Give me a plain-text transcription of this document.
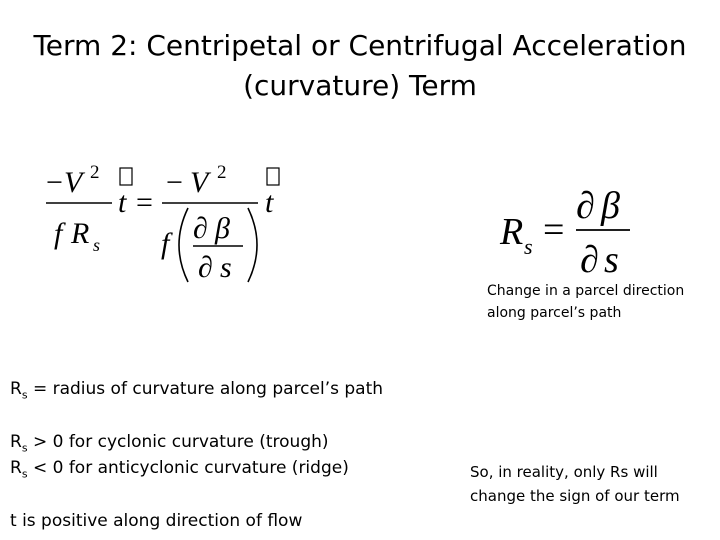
Term 2: Centripetal or Centrifugal Acceleration
(curvature) Term
− V 2
f R s
t =
− V 2
f ∂ β
∂ s
t
R s =
∂ β
∂ s
Change in a parcel direction
along parcel’s path
$R_s$ = radius of curvature along parcel’s path
$R_s > 0$ for cyclonic curvature (trough)
$R_s < 0$ for anticyclonic curvature (ridge)
t is positive along direction of flow
So, in reality, only Rs will
change the sign of our term
